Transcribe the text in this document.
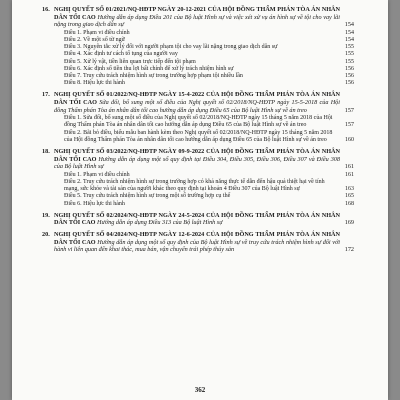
16. NGHỊ QUYẾT SỐ 01/2021/NQ-HĐTP NGÀY 20-12-2021 CỦA HỘI ĐỒNG THẨM PHÁN TÒA ÁN NHÂN DÂN TỐI CAO Hướng dẫn áp dụng Điều 201 của Bộ luật Hình sự và việc xét xử vụ án hình sự về tội cho vay lãi nặng trong giao dịch dân sự	154
Điều 1. Phạm vi điều chỉnh	154
Điều 2. Về một số từ ngữ	154
Điều 3. Nguyên tắc xử lý đối với người phạm tội cho vay lãi nặng trong giao dịch dân sự	155
Điều 4. Xác định tư cách tố tụng của người vay	155
Điều 5. Xử lý vật, tiền liên quan trực tiếp đến tội phạm	155
Điều 6. Xác định số tiền thu lợi bất chính để xử lý trách nhiệm hình sự	156
Điều 7. Truy cứu trách nhiệm hình sự trong trường hợp phạm tội nhiều lần	156
Điều 8. Hiệu lực thi hành	156
17. NGHỊ QUYẾT SỐ 01/2022/NQ-HĐTP NGÀY 15-4-2022 CỦA HỘI ĐỒNG THẨM PHÁN TÒA ÁN NHÂN DÂN TỐI CAO Sửa đổi, bổ sung một số điều của Nghị quyết số 02/2018/NQ-HĐTP ngày 15-5-2018 của Hội đồng Thẩm phán Tòa án nhân dân tối cao hướng dẫn áp dụng Điều 65 của Bộ luật Hình sự về án treo	157
Điều 1. Sửa đổi, bổ sung một số điều của Nghị quyết số 02/2018/NQ-HĐTP ngày 15 tháng 5 năm 2018 của Hội đồng Thẩm phán Tòa án nhân dân tối cao hướng dẫn áp dụng Điều 65 của Bộ luật Hình sự về án treo	157
Điều 2. Bãi bỏ điều, biểu mẫu ban hành kèm theo Nghị quyết số 02/2018/NQ-HĐTP ngày 15 tháng 5 năm 2018 của Hội đồng Thẩm phán Tòa án nhân dân tối cao hướng dẫn áp dụng Điều 65 của Bộ luật Hình sự về án treo	160
18. NGHỊ QUYẾT SỐ 03/2022/NQ-HĐTP NGÀY 09-9-2022 CỦA HỘI ĐỒNG THẨM PHÁN TÒA ÁN NHÂN DÂN TỐI CAO Hướng dẫn áp dụng một số quy định tại Điều 304, Điều 305, Điều 306, Điều 307 và Điều 308 của Bộ luật Hình sự	161
Điều 1. Phạm vi điều chỉnh	161
Điều 2. Truy cứu trách nhiệm hình sự trong trường hợp có khả năng thực tế dẫn đến hậu quả thiệt hại về tính mạng, sức khỏe và tài sản của người khác theo quy định tại khoản 4 Điều 307 của Bộ luật Hình sự	163
Điều 5. Truy cứu trách nhiệm hình sự trong một số trường hợp cụ thể	165
Điều 6. Hiệu lực thi hành	168
19. NGHỊ QUYẾT SỐ 02/2024/NQ-HĐTP NGÀY 24-5-2024 CỦA HỘI ĐỒNG THẨM PHÁN TÒA ÁN NHÂN DÂN TỐI CAO Hướng dẫn áp dụng Điều 313 của Bộ luật Hình sự	169
20. NGHỊ QUYẾT SỐ 04/2024/NQ-HĐTP NGÀY 12-6-2024 CỦA HỘI ĐỒNG THẨM PHÁN TÒA ÁN NHÂN DÂN TỐI CAO Hướng dẫn áp dụng một số quy định của Bộ luật Hình sự về truy cứu trách nhiệm hình sự đối với hành vi liên quan đến khai thác, mua bán, vận chuyển trái phép thủy sản	172
362
